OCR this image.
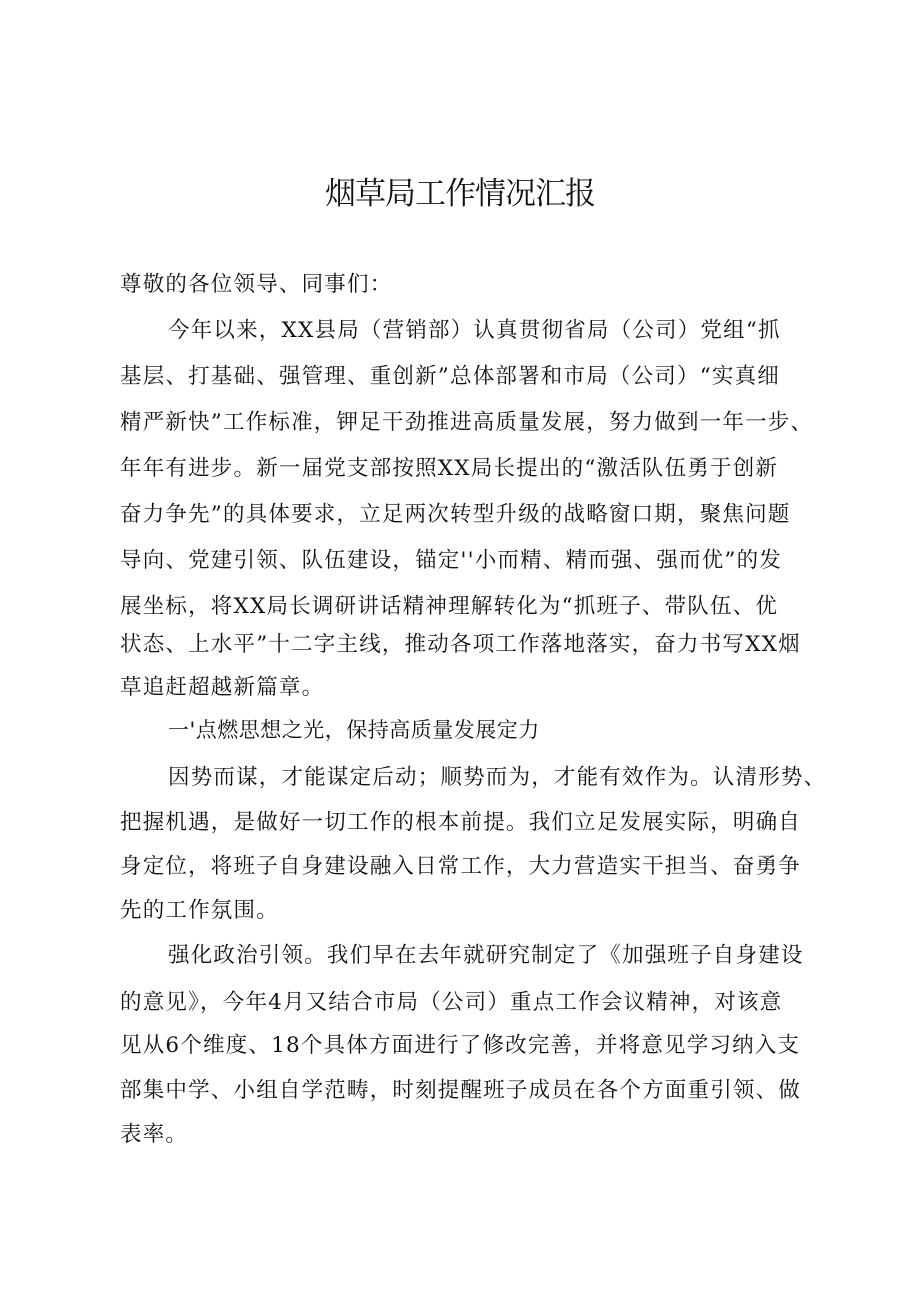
烟草局工作情况汇报
尊敬的各位领导、同事们：
今年以来，XX县局（营销部）认真贯彻省局（公司）党组“抓
基层、打基础、强管理、重创新”总体部署和市局（公司）“实真细
精严新快”工作标准，钾足干劲推进高质量发展，努力做到一年一步、
年年有进步。新一届党支部按照XX局长提出的“激活队伍勇于创新
奋力争先”的具体要求，立足两次转型升级的战略窗口期，聚焦问题
导向、党建引领、队伍建设，锚定''小而精、精而强、强而优”的发
展坐标，将XX局长调研讲话精神理解转化为“抓班子、带队伍、优
状态、上水平”十二字主线，推动各项工作落地落实，奋力书写XX烟
草追赶超越新篇章。
一'点燃思想之光，保持高质量发展定力
因势而谋，才能谋定后动；顺势而为，才能有效作为。认清形势、
把握机遇，是做好一切工作的根本前提。我们立足发展实际，明确自
身定位，将班子自身建设融入日常工作，大力营造实干担当、奋勇争
先的工作氛围。
强化政治引领。我们早在去年就研究制定了《加强班子自身建设
的意见》，今年4月又结合市局（公司）重点工作会议精神，对该意
见从6个维度、18个具体方面进行了修改完善，并将意见学习纳入支
部集中学、小组自学范畴，时刻提醒班子成员在各个方面重引领、做
表率。
